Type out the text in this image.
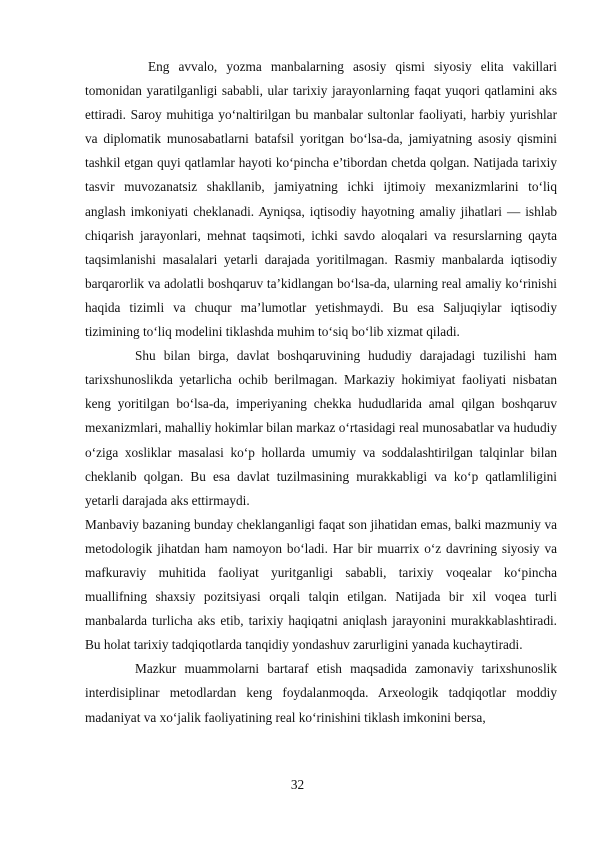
Eng avvalo, yozma manbalarning asosiy qismi siyosiy elita vakillari tomonidan yaratilganligi sababli, ular tarixiy jarayonlarning faqat yuqori qatlamini aks ettiradi. Saroy muhitiga yo‘naltirilgan bu manbalar sultonlar faoliyati, harbiy yurishlar va diplomatik munosabatlarni batafsil yoritgan bo‘lsa-da, jamiyatning asosiy qismini tashkil etgan quyi qatlamlar hayoti ko‘pincha e’tibordan chetda qolgan. Natijada tarixiy tasvir muvozanatsiz shakllanib, jamiyatning ichki ijtimoiy mexanizmlarini to‘liq anglash imkoniyati cheklanadi. Ayniqsa, iqtisodiy hayotning amaliy jihatlari — ishlab chiqarish jarayonlari, mehnat taqsimoti, ichki savdo aloqalari va resurslarning qayta taqsimlanishi masalalari yetarli darajada yoritilmagan. Rasmiy manbalarda iqtisodiy barqarorlik va adolatli boshqaruv ta’kidlangan bo‘lsa-da, ularning real amaliy ko‘rinishi haqida tizimli va chuqur ma’lumotlar yetishmaydi. Bu esa Saljuqiylar iqtisodiy tizimining to‘liq modelini tiklashda muhim to‘siq bo‘lib xizmat qiladi.

Shu bilan birga, davlat boshqaruvining hududiy darajadagi tuzilishi ham tarixshunoslikda yetarlicha ochib berilmagan. Markaziy hokimiyat faoliyati nisbatan keng yoritilgan bo‘lsa-da, imperiyaning chekka hududlarida amal qilgan boshqaruv mexanizmlari, mahalliy hokimlar bilan markaz o‘rtasidagi real munosabatlar va hududiy o‘ziga xosliklar masalasi ko‘p hollarda umumiy va soddalashtirilgan talqinlar bilan cheklanib qolgan. Bu esa davlat tuzilmasining murakkabligi va ko‘p qatlamliligini yetarli darajada aks ettirmaydi.

Manbaviy bazaning bunday cheklanganligi faqat son jihatidan emas, balki mazmuniy va metodologik jihatdan ham namoyon bo‘ladi. Har bir muarrix o‘z davrining siyosiy va mafkuraviy muhitida faoliyat yuritganligi sababli, tarixiy voqealar ko‘pincha muallifning shaxsiy pozitsiyasi orqali talqin etilgan. Natijada bir xil voqea turli manbalarda turlicha aks etib, tarixiy haqiqatni aniqlash jarayonini murakkablashtiradi. Bu holat tarixiy tadqiqotlarda tanqidiy yondashuv zarurligini yanada kuchaytiradi.

Mazkur muammolarni bartaraf etish maqsadida zamonaviy tarixshunoslik interdisiplinar metodlardan keng foydalanmoqda. Arxeologik tadqiqotlar moddiy madaniyat va xo‘jalik faoliyatining real ko‘rinishini tiklash imkonini bersa,

32
